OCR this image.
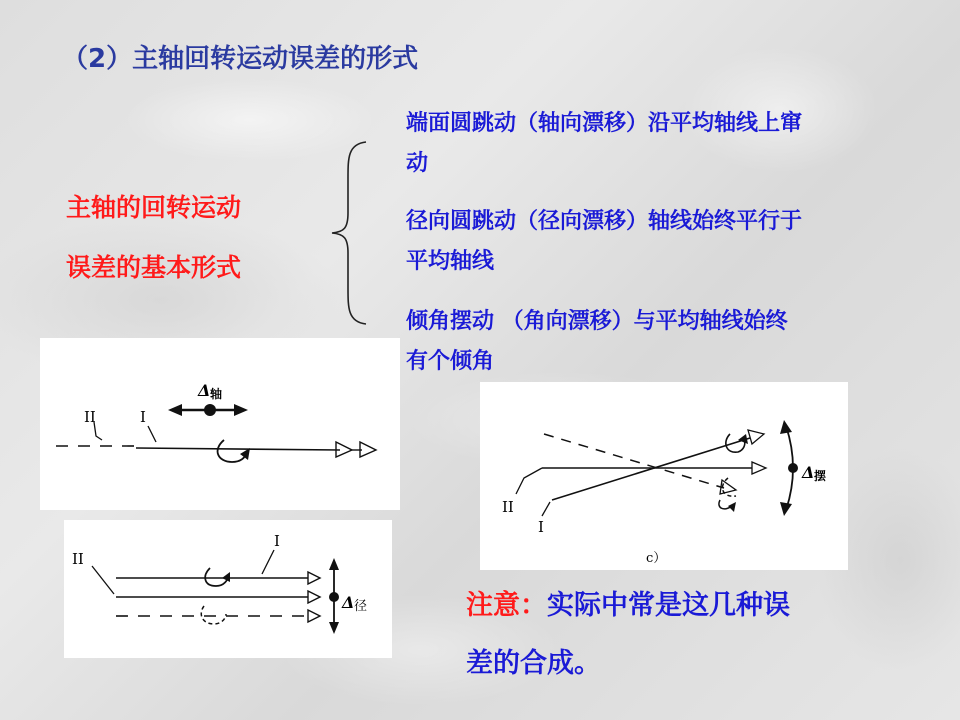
（2）主轴回转运动误差的形式
主轴的回转运动
误差的基本形式
端面圆跳动（轴向漂移）沿平均轴线上窜
动
径向圆跳动（径向漂移）轴线始终平行于
平均轴线
倾角摆动 （角向漂移）与平均轴线始终
有个倾角
II	I
Δ 轴
II
I
Δ 径
II
I
Δ 摆
c）
注意：实际中常是这几种误
差的合成。
